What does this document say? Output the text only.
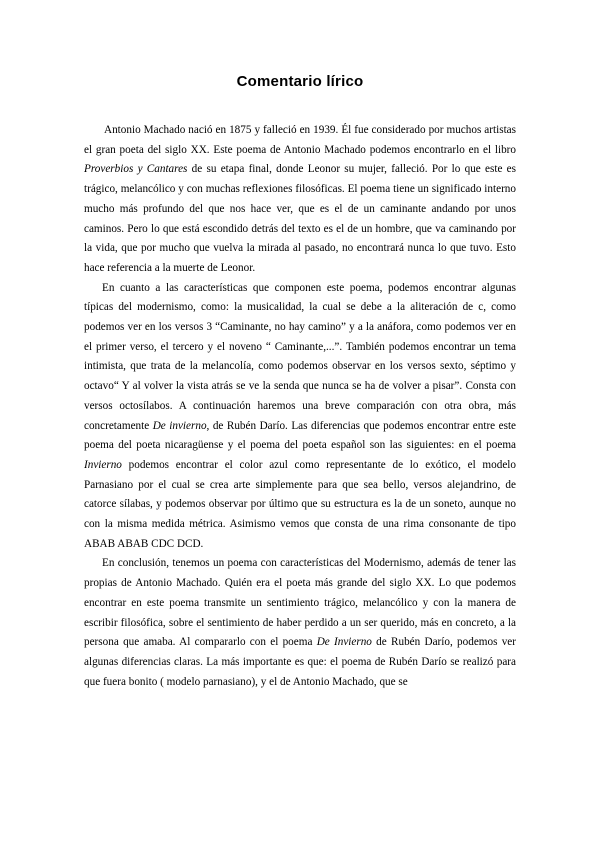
Comentario lírico

Antonio Machado nació en 1875 y falleció en 1939. Él fue considerado por muchos artistas el gran poeta del siglo XX. Este poema de Antonio Machado podemos encontrarlo en el libro Proverbios y Cantares de su etapa final, donde Leonor su mujer, falleció. Por lo que este es trágico, melancólico y con muchas reflexiones filosóficas. El poema tiene un significado interno mucho más profundo del que nos hace ver, que es el de un caminante andando por unos caminos. Pero lo que está escondido detrás del texto es el de un hombre, que va caminando por la vida, que por mucho que vuelva la mirada al pasado, no encontrará nunca lo que tuvo. Esto hace referencia a la muerte de Leonor.

En cuanto a las características que componen este poema, podemos encontrar algunas típicas del modernismo, como: la musicalidad, la cual se debe a la aliteración de c, como podemos ver en los versos 3 “Caminante, no hay camino” y a la anáfora, como podemos ver en el primer verso, el tercero y el noveno “ Caminante,...”. También podemos encontrar un tema intimista, que trata de la melancolía, como podemos observar en los versos sexto, séptimo y octavo“ Y al volver la vista atrás se ve la senda que nunca se ha de volver a pisar”. Consta con versos octosílabos. A continuación haremos una breve comparación con otra obra, más concretamente De invierno, de Rubén Darío. Las diferencias que podemos encontrar entre este poema del poeta nicaragüense y el poema del poeta español son las siguientes: en el poema Invierno podemos encontrar el color azul como representante de lo exótico, el modelo Parnasiano por el cual se crea arte simplemente para que sea bello, versos alejandrino, de catorce sílabas, y podemos observar por último que su estructura es la de un soneto, aunque no con la misma medida métrica. Asimismo vemos que consta de una rima consonante de tipo ABAB ABAB CDC DCD.

En conclusión, tenemos un poema con características del Modernismo, además de tener las propias de Antonio Machado. Quién era el poeta más grande del siglo XX. Lo que podemos encontrar en este poema transmite un sentimiento trágico, melancólico y con la manera de escribir filosófica, sobre el sentimiento de haber perdido a un ser querido, más en concreto, a la persona que amaba. Al compararlo con el poema De Invierno de Rubén Darío, podemos ver algunas diferencias claras. La más importante es que: el poema de Rubén Darío se realizó para que fuera bonito ( modelo parnasiano), y el de Antonio Machado, que se
